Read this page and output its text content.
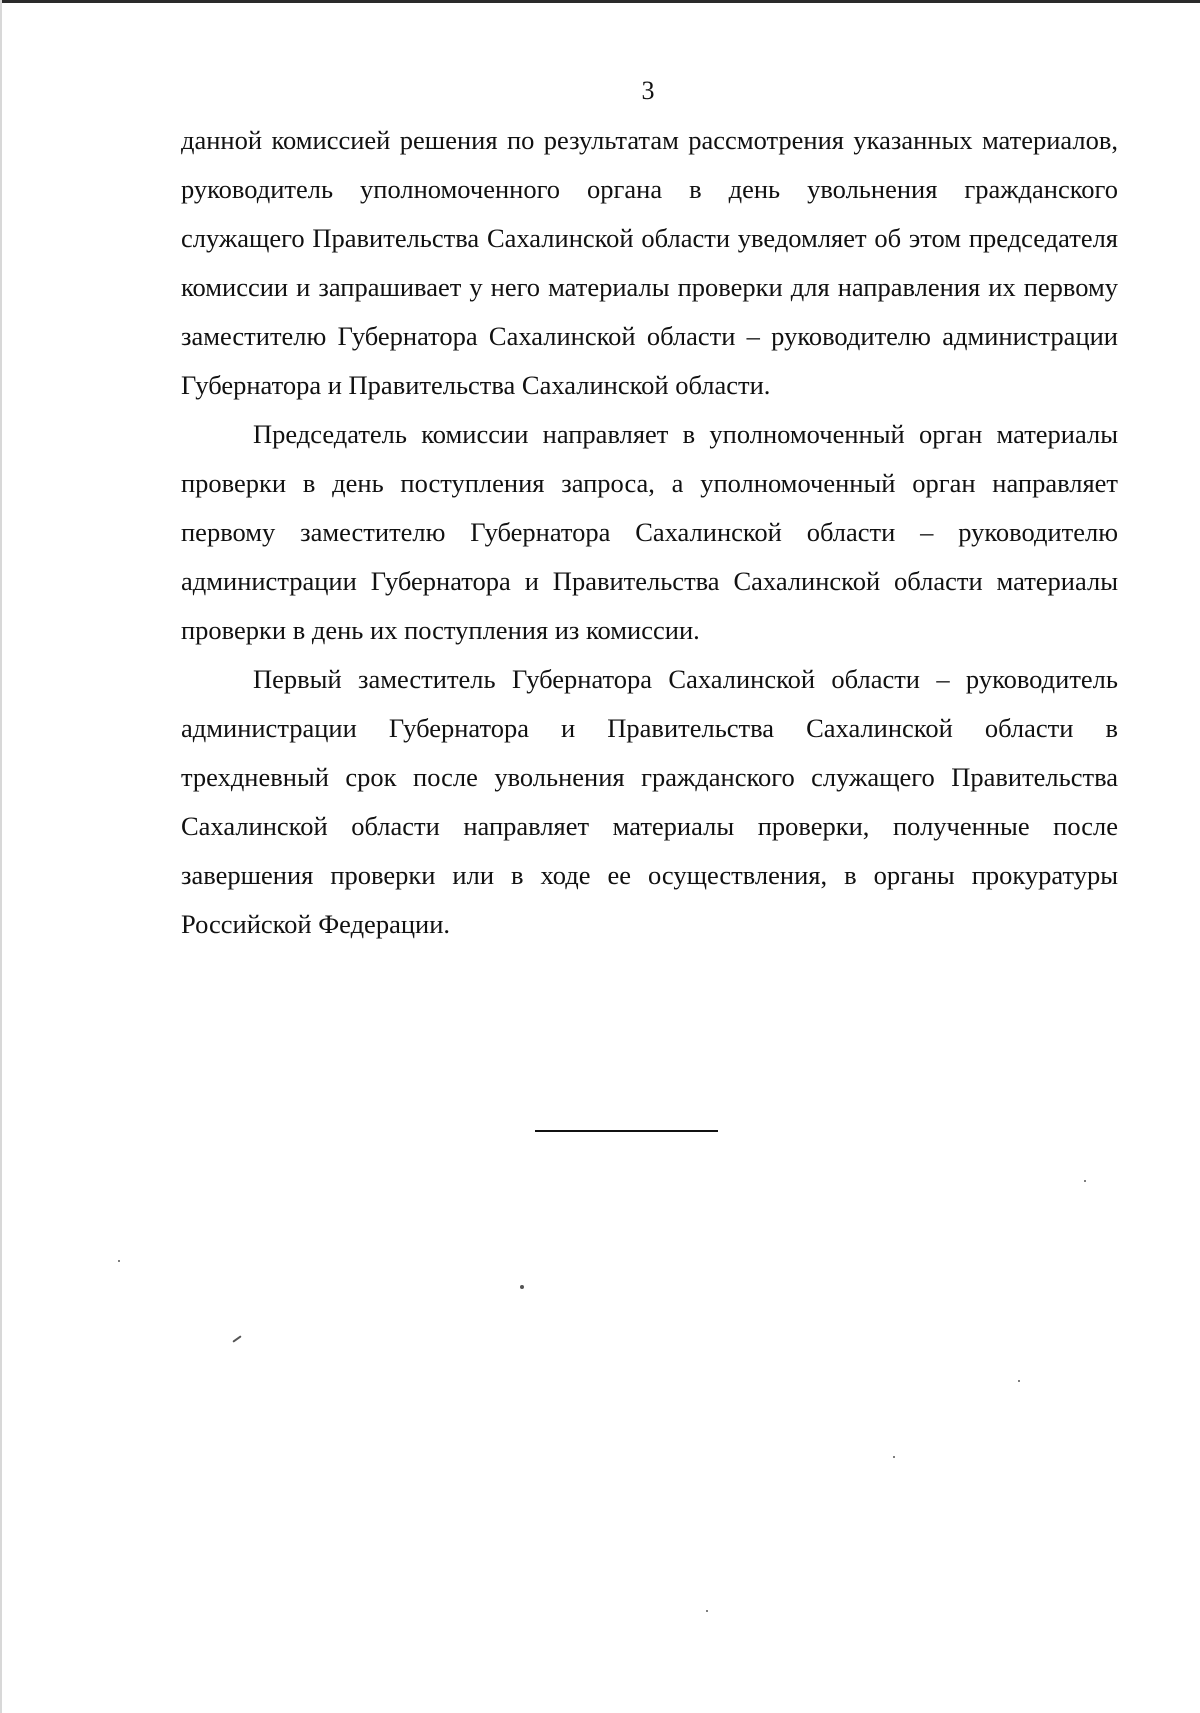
3

данной комиссией решения по результатам рассмотрения указанных материалов, руководитель уполномоченного органа в день увольнения гражданского служащего Правительства Сахалинской области уведомляет об этом председателя комиссии и запрашивает у него материалы проверки для направления их первому заместителю Губернатора Сахалинской области – руководителю администрации Губернатора и Правительства Сахалинской области.

Председатель комиссии направляет в уполномоченный орган материалы проверки в день поступления запроса, а уполномоченный орган направляет первому заместителю Губернатора Сахалинской области – руководителю администрации Губернатора и Правительства Сахалинской области материалы проверки в день их поступления из комиссии.

Первый заместитель Губернатора Сахалинской области – руководитель администрации Губернатора и Правительства Сахалинской области в трехдневный срок после увольнения гражданского служащего Правительства Сахалинской области направляет материалы проверки, полученные после завершения проверки или в ходе ее осуществления, в органы прокуратуры Российской Федерации.
